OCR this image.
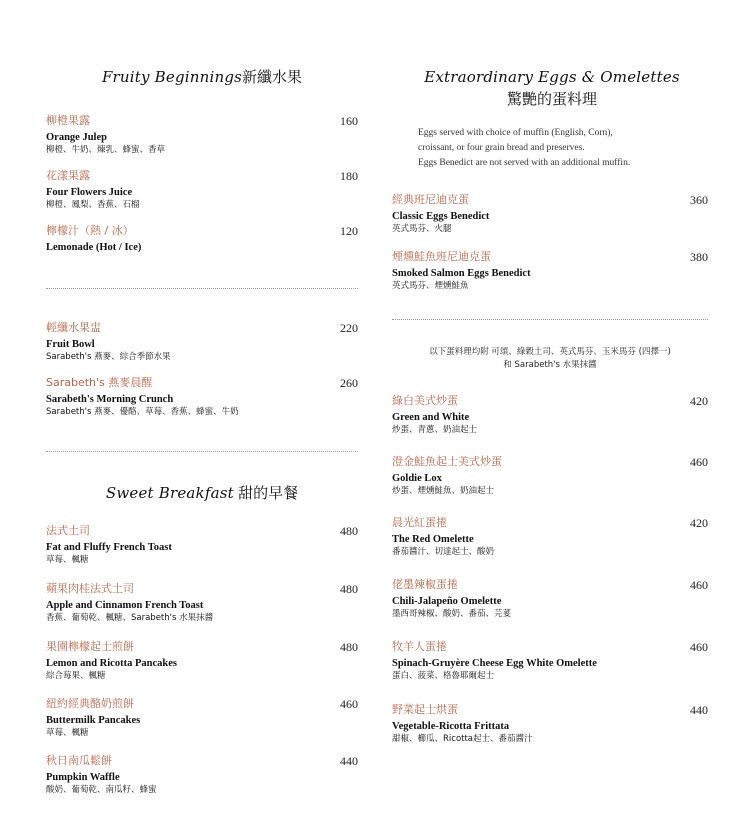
Fruity Beginnings新纖水果
柳橙果露
Orange Julep
柳橙、牛奶、煉乳、蜂蜜、香草
160
花漾果露
Four Flowers Juice
柳橙、鳳梨、香蕉、石榴
180
檸檬汁（熱 / 冰）
Lemonade (Hot / Ice)
120
輕纖水果盅
Fruit Bowl
Sarabeth's 燕麥、綜合季節水果
220
Sarabeth's 燕麥晨醒
Sarabeth's Morning Crunch
Sarabeth's 燕麥、優酪、草莓、香蕉、蜂蜜、牛奶
260
Sweet Breakfast 甜的早餐
法式土司
Fat and Fluffy French Toast
草莓、楓糖
480
蘋果肉桂法式土司
Apple and Cinnamon French Toast
香蕉、葡萄乾、楓糖、Sarabeth's 水果抹醬
480
果園檸檬起士煎餅
Lemon and Ricotta Pancakes
綜合莓果、楓糖
480
紐約經典酪奶煎餅
Buttermilk Pancakes
草莓、楓糖
460
秋日南瓜鬆餅
Pumpkin Waffle
酸奶、葡萄乾、南瓜籽、蜂蜜
440
Extraordinary Eggs & Omelettes
驚艷的蛋料理
Eggs served with choice of muffin (English, Corn),
croissant, or four grain bread and preserves.
Eggs Benedict are not served with an additional muffin.
經典班尼迪克蛋
Classic Eggs Benedict
英式馬芬、火腿
360
煙燻鮭魚班尼迪克蛋
Smoked Salmon Eggs Benedict
英式馬芬、煙燻鮭魚
380
以下蛋料理均附 可頌、綠穀土司、英式馬芬、玉米馬芬 (四擇一)
和 Sarabeth's 水果抹醬
綠白美式炒蛋
Green and White
炒蛋、青蔥、奶油起士
420
澄金鮭魚起士美式炒蛋
Goldie Lox
炒蛋、煙燻鮭魚、奶油起士
460
晨光紅蛋捲
The Red Omelette
番茄醬汁、切達起士、酸奶
420
佬墨辣椒蛋捲
Chili-Jalapeño Omelette
墨西哥辣椒、酸奶、番茄、芫荽
460
牧羊人蛋捲
Spinach-Gruyère Cheese Egg White Omelette
蛋白、菠菜、格魯耶爾起士
460
野菜起士烘蛋
Vegetable-Ricotta Frittata
甜椒、櫛瓜、Ricotta起士、番茄醬汁
440
